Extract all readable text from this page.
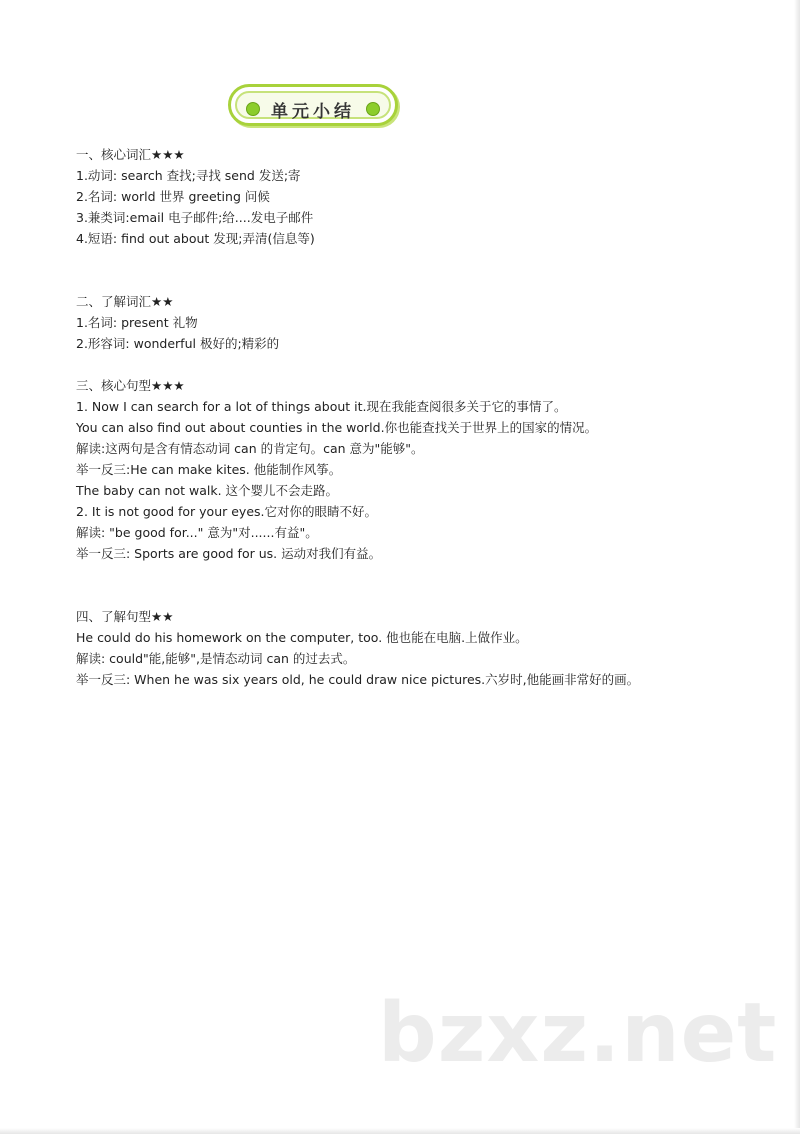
单元小结
一、核心词汇★★★
1.动词: search 查找;寻找 send 发送;寄
2.名词: world 世界 greeting 问候
3.兼类词:email 电子邮件;给....发电子邮件
4.短语: find out about 发现;弄清(信息等)
二、了解词汇★★
1.名词: present 礼物
2.形容词: wonderful 极好的;精彩的
三、核心句型★★★
1. Now I can search for a lot of things about it.现在我能查阅很多关于它的事情了。
You can also find out about counties in the world.你也能查找关于世界上的国家的情况。
解读:这两句是含有情态动词 can 的肯定句。can 意为"能够"。
举一反三:He can make kites. 他能制作风筝。
The baby can not walk. 这个婴儿不会走路。
2. It is not good for your eyes.它对你的眼睛不好。
解读: "be good for..." 意为"对......有益"。
举一反三: Sports are good for us. 运动对我们有益。
四、了解句型★★
He could do his homework on the computer, too. 他也能在电脑.上做作业。
解读: could"能,能够",是情态动词 can 的过去式。
举一反三: When he was six years old, he could draw nice pictures.六岁时,他能画非常好的画。
bzxz.net
